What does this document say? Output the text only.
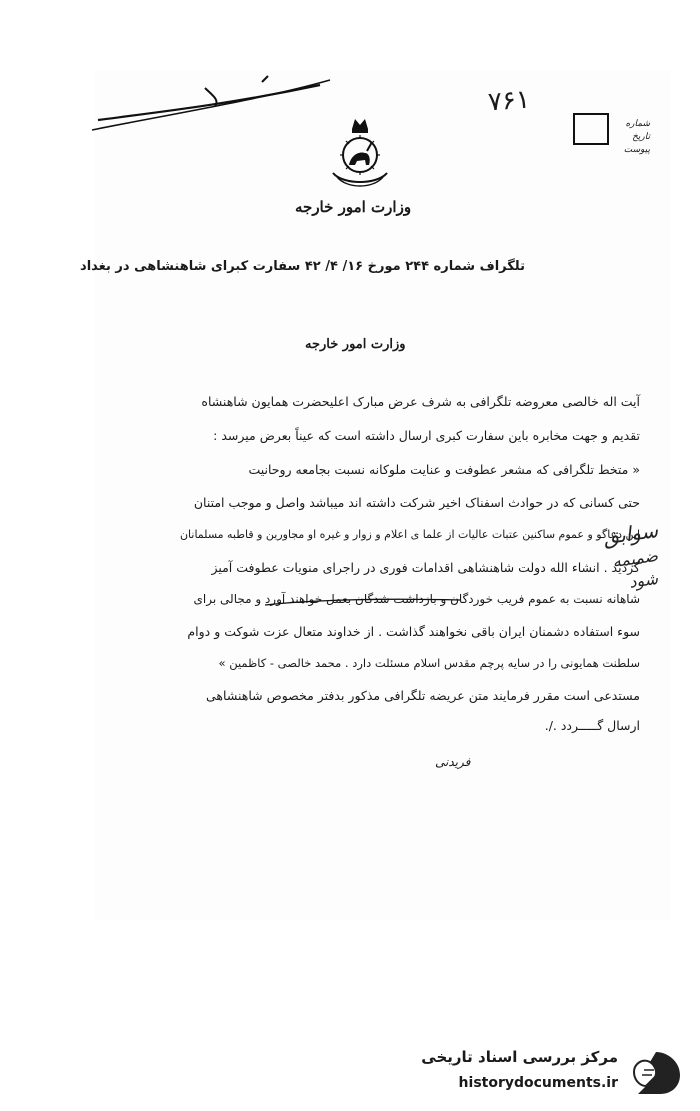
۷۶۱
شماره
تاریخ
پیوست
وزارت امور خارجه
تلگراف شماره ۲۴۴ مورخ ۱۶/ ۴/ ۴۲ سفارت کبرای شاهنشاهی در بغداد
وزارت امور خارجه
آیت اله خالصی معروضه تلگرافی به شرف عرض مبارک اعلیحضرت همایون شاهنشاه
تقدیم و جهت مخابره باین سفارت کبری ارسال داشته است که عیناً بعرض میرسد :
« متخط تلگرافی که مشعر عطوفت و عنایت ملوکانه نسبت بجامعه روحانیت
حتی کسانی که در حوادث اسفناک اخیر شرکت داشته اند میباشد واصل و موجب امتنان
این دعاگو و عموم ساکنین عتبات عالیات از علما ی اعلام و زوار و غیره او مجاورین و قاطبه مسلمانان
گردید . انشاء الله دولت شاهنشاهی اقدامات فوری در راجرای منویات عطوفت آمیز
شاهانه نسبت به عموم فریب خوردگان و بازداشت شدگان بعمل خواهند آورد و مجالی برای
سوء استفاده دشمنان ایران باقی نخواهند گذاشت . از خداوند متعال عزت شوکت و دوام
سلطنت همایونی را در سایه پرچم مقدس اسلام مسئلت دارد . محمد خالصی - کاظمین »
مستدعی است مقرر فرمایند متن عریضه تلگرافی مذکور بدفتر مخصوص شاهنشاهی
ارسال گـــــردد ./.
فریدنی
سوابق
ضمیمه
شود
مرکز بررسی اسناد تاریخی
historydocuments.ir
